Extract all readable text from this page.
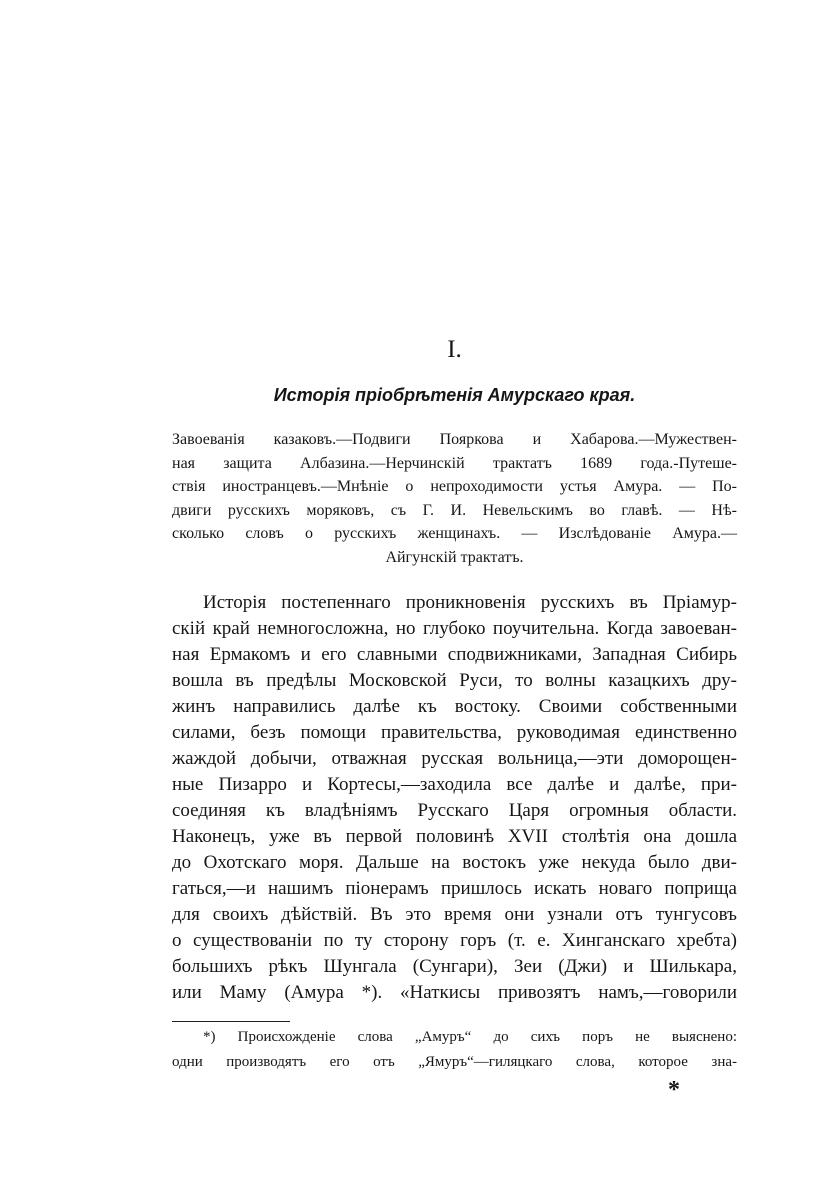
I.
Исторія пріобрѣтенія Амурскаго края.
Завоеванія казаковъ.—Подвиги Пояркова и Хабарова.—Мужествен-
ная защита Албазина.—Нерчинскій трактатъ 1689 года.-Путеше-
ствія иностранцевъ.—Мнѣніе о непроходимости устья Амура. — По-
двиги русскихъ моряковъ, съ Г. И. Невельскимъ во главѣ. — Нѣ-
сколько словъ о русскихъ женщинахъ. — Изслѣдованіе Амура.—
Айгунскій трактатъ.
Исторія постепеннаго проникновенія русскихъ въ Пріамур-
скій край немногосложна, но глубоко поучительна. Когда завоеван-
ная Ермакомъ и его славными сподвижниками, Западная Сибирь
вошла въ предѣлы Московской Руси, то волны казацкихъ дру-
жинъ направились далѣе къ востоку. Своими собственными
силами, безъ помощи правительства, руководимая единственно
жаждой добычи, отважная русская вольница,—эти доморощен-
ные Пизарро и Кортесы,—заходила все далѣе и далѣе, при-
соединяя къ владѣніямъ Русскаго Царя огромныя области.
Наконецъ, уже въ первой половинѣ XVII столѣтія она дошла
до Охотскаго моря. Дальше на востокъ уже некуда было дви-
гаться,—и нашимъ піонерамъ пришлось искать новаго поприща
для своихъ дѣйствій. Въ это время они узнали отъ тунгусовъ
о существованіи по ту сторону горъ (т. е. Хинганскаго хребта)
большихъ рѣкъ Шунгала (Сунгари), Зеи (Джи) и Шилькара,
или Маму (Амура *). «Наткисы привозятъ намъ,—говорили
*) Происхожденіе слова „Амуръ“ до сихъ поръ не выяснено:
одни производятъ его отъ „Ямуръ“—гиляцкаго слова, которое зна-
*
